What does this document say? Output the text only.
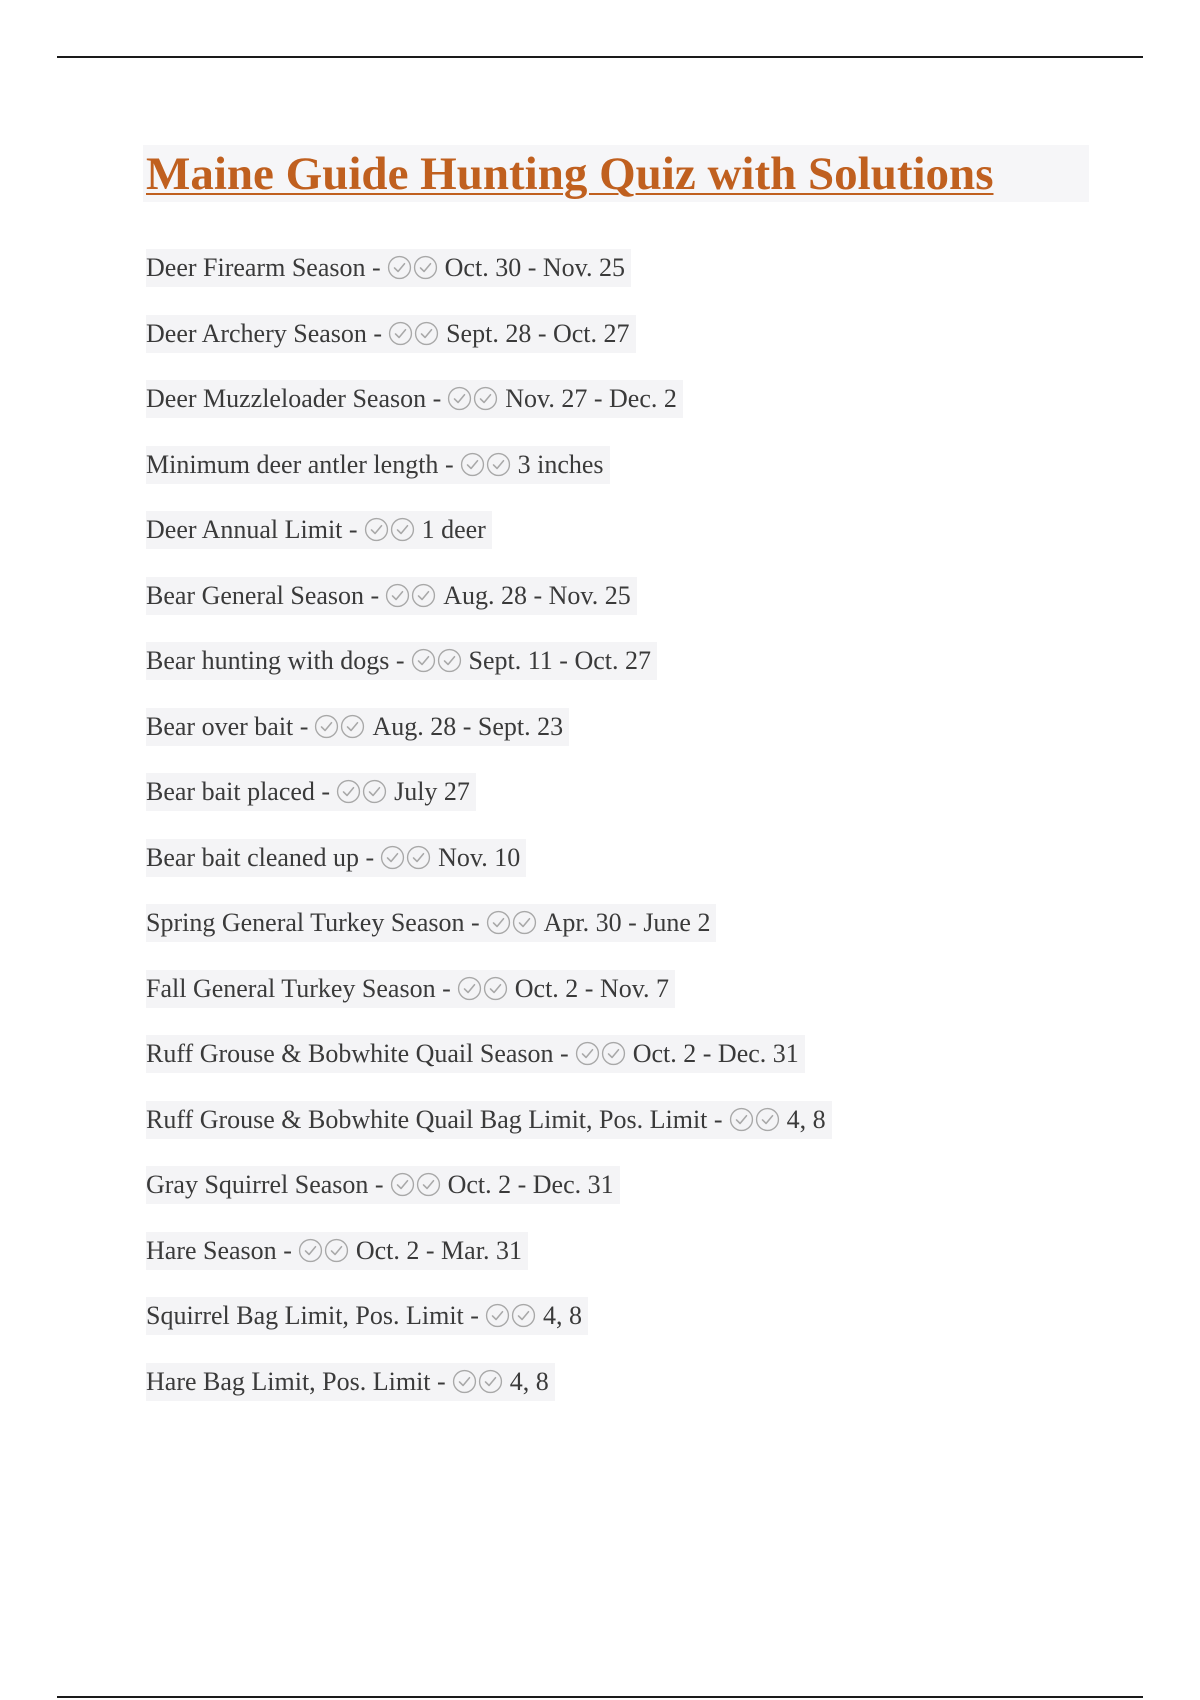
Maine Guide Hunting Quiz with Solutions
Deer Firearm Season - Oct. 30 - Nov. 25
Deer Archery Season - Sept. 28 - Oct. 27
Deer Muzzleloader Season - Nov. 27 - Dec. 2
Minimum deer antler length - 3 inches
Deer Annual Limit - 1 deer
Bear General Season - Aug. 28 - Nov. 25
Bear hunting with dogs - Sept. 11 - Oct. 27
Bear over bait - Aug. 28 - Sept. 23
Bear bait placed - July 27
Bear bait cleaned up - Nov. 10
Spring General Turkey Season - Apr. 30 - June 2
Fall General Turkey Season - Oct. 2 - Nov. 7
Ruff Grouse & Bobwhite Quail Season - Oct. 2 - Dec. 31
Ruff Grouse & Bobwhite Quail Bag Limit, Pos. Limit - 4, 8
Gray Squirrel Season - Oct. 2 - Dec. 31
Hare Season - Oct. 2 - Mar. 31
Squirrel Bag Limit, Pos. Limit - 4, 8
Hare Bag Limit, Pos. Limit - 4, 8
